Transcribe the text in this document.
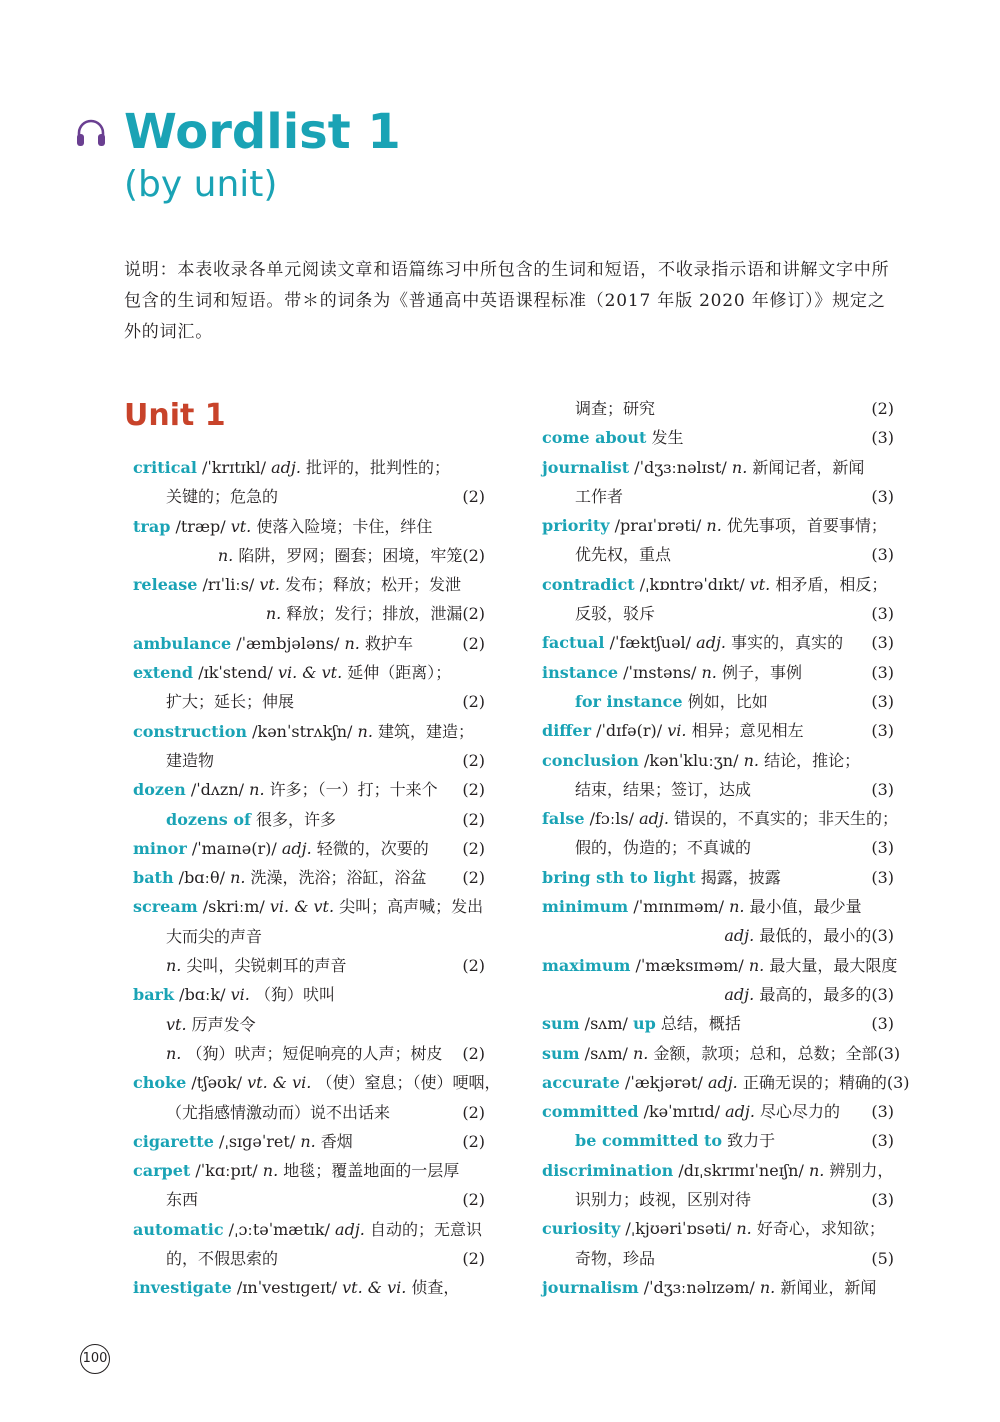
Wordlist 1
(by unit)

说明：本表收录各单元阅读文章和语篇练习中所包含的生词和短语，不收录指示语和讲解文字中所包含的生词和短语。带＊的词条为《普通高中英语课程标准（2017 年版 2020 年修订）》规定之外的词汇。

Unit 1
critical /ˈkrɪtɪkl/ adj. 批评的，批判性的；
关键的；危急的	(2)
trap /træp/ vt. 使落入险境；卡住，绊住
n. 陷阱，罗网；圈套；困境，牢笼 (2)
release /rɪˈliːs/ vt. 发布；释放；松开；发泄
n. 释放；发行；排放，泄漏 (2)
ambulance /ˈæmbjələns/ n. 救护车	(2)
extend /ɪkˈstend/ vi. & vt. 延伸（距离）；
扩大；延长；伸展	(2)
construction /kənˈstrʌkʃn/ n. 建筑，建造；
建造物	(2)
dozen /ˈdʌzn/ n. 许多；（一）打；十来个	(2)
dozens of 很多，许多	(2)
minor /ˈmaɪnə(r)/ adj. 轻微的，次要的	(2)
bath /bɑːθ/ n. 洗澡，洗浴；浴缸，浴盆	(2)
scream /skriːm/ vi. & vt. 尖叫；高声喊；发出
大而尖的声音
n. 尖叫，尖锐刺耳的声音	(2)
bark /bɑːk/ vi. （狗）吠叫
vt. 厉声发令
n. （狗）吠声；短促响亮的人声；树皮	(2)
choke /tʃəʊk/ vt. & vi. （使）窒息；（使）哽咽，
（尤指感情激动而）说不出话来	(2)
cigarette /ˌsɪɡəˈret/ n. 香烟	(2)
carpet /ˈkɑːpɪt/ n. 地毯；覆盖地面的一层厚
东西	(2)
automatic /ˌɔːtəˈmætɪk/ adj. 自动的；无意识
的，不假思索的	(2)
investigate /ɪnˈvestɪɡeɪt/ vt. & vi. 侦查，
调查；研究	(2)
come about 发生	(3)
journalist /ˈdʒɜːnəlɪst/ n. 新闻记者，新闻
工作者	(3)
priority /praɪˈɒrəti/ n. 优先事项，首要事情；
优先权，重点	(3)
contradict /ˌkɒntrəˈdɪkt/ vt. 相矛盾，相反；
反驳，驳斥	(3)
factual /ˈfæktʃuəl/ adj. 事实的，真实的	(3)
instance /ˈɪnstəns/ n. 例子，事例	(3)
for instance 例如，比如	(3)
differ /ˈdɪfə(r)/ vi. 相异；意见相左	(3)
conclusion /kənˈkluːʒn/ n. 结论，推论；
结束，结果；签订，达成	(3)
false /fɔːls/ adj. 错误的，不真实的；非天生的；
假的，伪造的；不真诚的	(3)
bring sth to light 揭露，披露	(3)
minimum /ˈmɪnɪməm/ n. 最小值，最少量
adj. 最低的，最小的 (3)
maximum /ˈmæksɪməm/ n. 最大量，最大限度
adj. 最高的，最多的 (3)
sum /sʌm/ up 总结，概括	(3)
sum /sʌm/ n. 金额，款项；总和，总数；全部 (3)
accurate /ˈækjərət/ adj. 正确无误的；精确的 (3)
committed /kəˈmɪtɪd/ adj. 尽心尽力的	(3)
be committed to 致力于	(3)
discrimination /dɪˌskrɪmɪˈneɪʃn/ n. 辨别力，
识别力；歧视，区别对待	(3)
curiosity /ˌkjʊəriˈɒsəti/ n. 好奇心，求知欲；
奇物，珍品	(5)
journalism /ˈdʒɜːnəlɪzəm/ n. 新闻业，新闻
100
